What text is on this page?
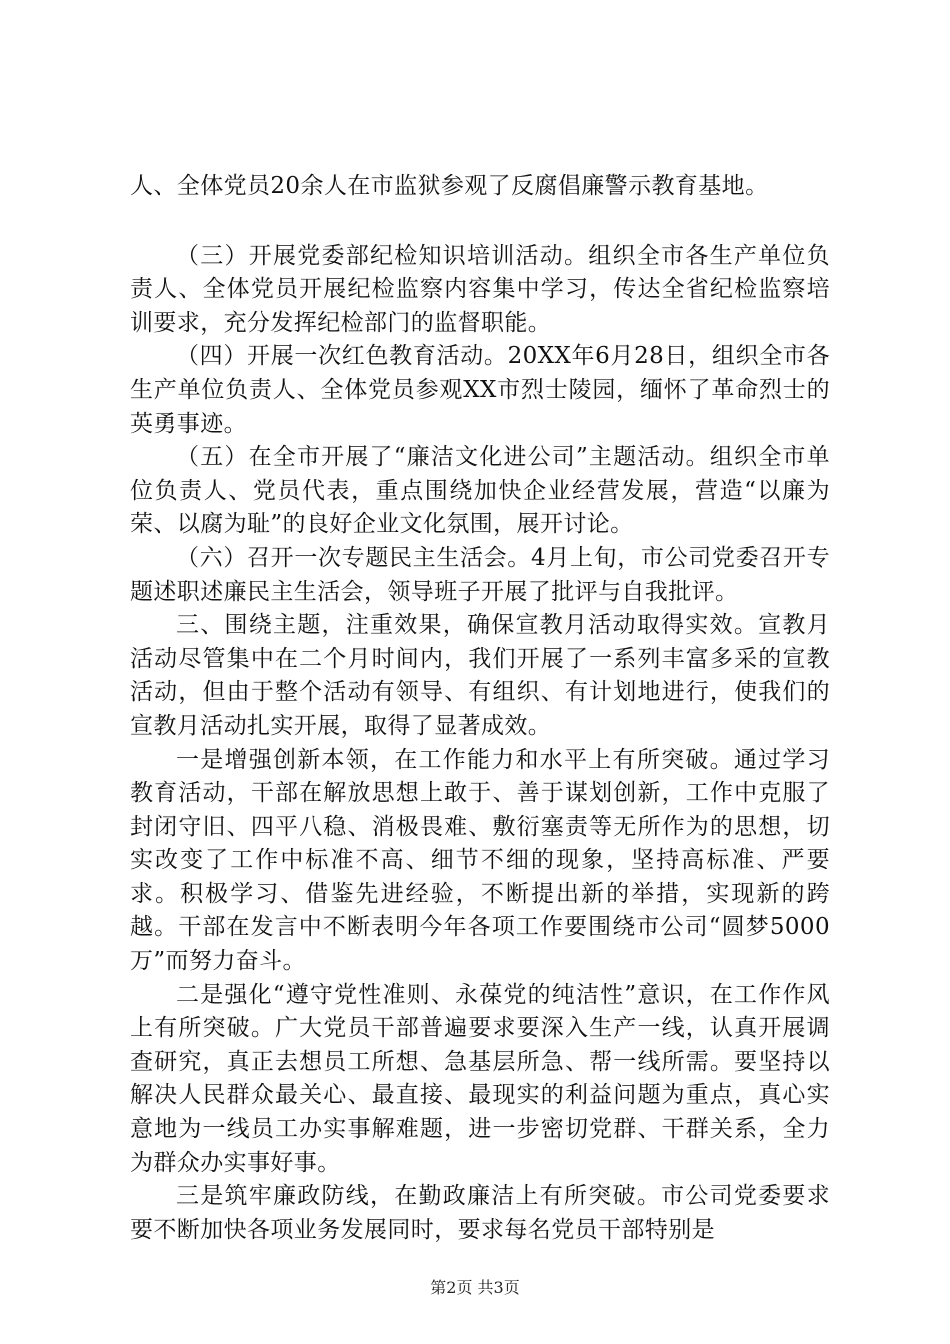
人、全体党员20余人在市监狱参观了反腐倡廉警示教育基地。

（三）开展党委部纪检知识培训活动。组织全市各生产单位负责人、全体党员开展纪检监察内容集中学习，传达全省纪检监察培训要求，充分发挥纪检部门的监督职能。

（四）开展一次红色教育活动。20XX年6月28日，组织全市各生产单位负责人、全体党员参观XX市烈士陵园，缅怀了革命烈士的英勇事迹。

（五）在全市开展了“廉洁文化进公司”主题活动。组织全市单位负责人、党员代表，重点围绕加快企业经营发展，营造“以廉为荣、以腐为耻”的良好企业文化氛围，展开讨论。

（六）召开一次专题民主生活会。4月上旬，市公司党委召开专题述职述廉民主生活会，领导班子开展了批评与自我批评。

三、围绕主题，注重效果，确保宣教月活动取得实效。宣教月活动尽管集中在二个月时间内，我们开展了一系列丰富多采的宣教活动，但由于整个活动有领导、有组织、有计划地进行，使我们的宣教月活动扎实开展，取得了显著成效。

一是增强创新本领，在工作能力和水平上有所突破。通过学习教育活动，干部在解放思想上敢于、善于谋划创新，工作中克服了封闭守旧、四平八稳、消极畏难、敷衍塞责等无所作为的思想，切实改变了工作中标准不高、细节不细的现象，坚持高标准、严要求。积极学习、借鉴先进经验，不断提出新的举措，实现新的跨越。干部在发言中不断表明今年各项工作要围绕市公司“圆梦5000万”而努力奋斗。

二是强化“遵守党性准则、永葆党的纯洁性”意识，在工作作风上有所突破。广大党员干部普遍要求要深入生产一线，认真开展调查研究，真正去想员工所想、急基层所急、帮一线所需。要坚持以解决人民群众最关心、最直接、最现实的利益问题为重点，真心实意地为一线员工办实事解难题，进一步密切党群、干群关系，全力为群众办实事好事。

三是筑牢廉政防线，在勤政廉洁上有所突破。市公司党委要求要不断加快各项业务发展同时，要求每名党员干部特别是

第2页 共3页
